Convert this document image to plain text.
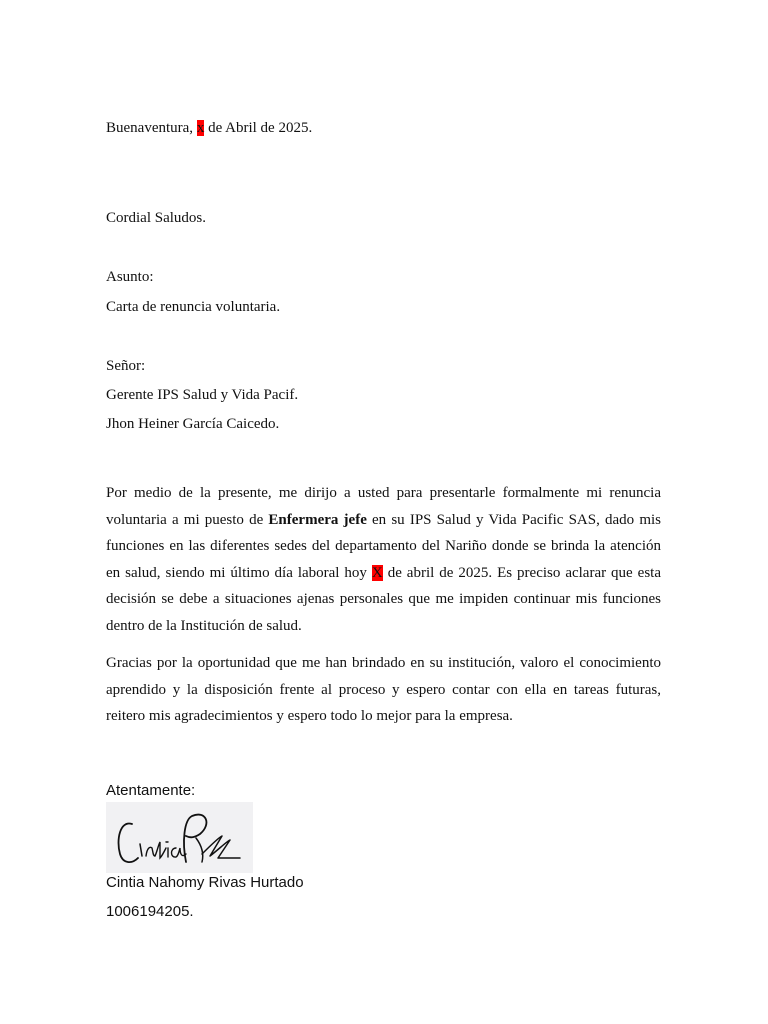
Buenaventura, x de Abril de 2025.
Cordial Saludos.
Asunto:
Carta de renuncia voluntaria.
Señor:
Gerente IPS Salud y Vida Pacif.
Jhon Heiner García Caicedo.
Por medio de la presente, me dirijo a usted para presentarle formalmente mi renuncia voluntaria a mi puesto de Enfermera jefe en su IPS Salud y Vida Pacific SAS, dado mis funciones en las diferentes sedes del departamento del Nariño donde se brinda la atención en salud, siendo mi último día laboral hoy X de abril de 2025. Es preciso aclarar que esta decisión se debe a situaciones ajenas personales que me impiden continuar mis funciones dentro de la Institución de salud.
Gracias por la oportunidad que me han brindado en su institución, valoro el conocimiento aprendido y la disposición frente al proceso y espero contar con ella en tareas futuras, reitero mis agradecimientos y espero todo lo mejor para la empresa.
Atentamente:
Cintia Nahomy Rivas Hurtado
1006194205.
